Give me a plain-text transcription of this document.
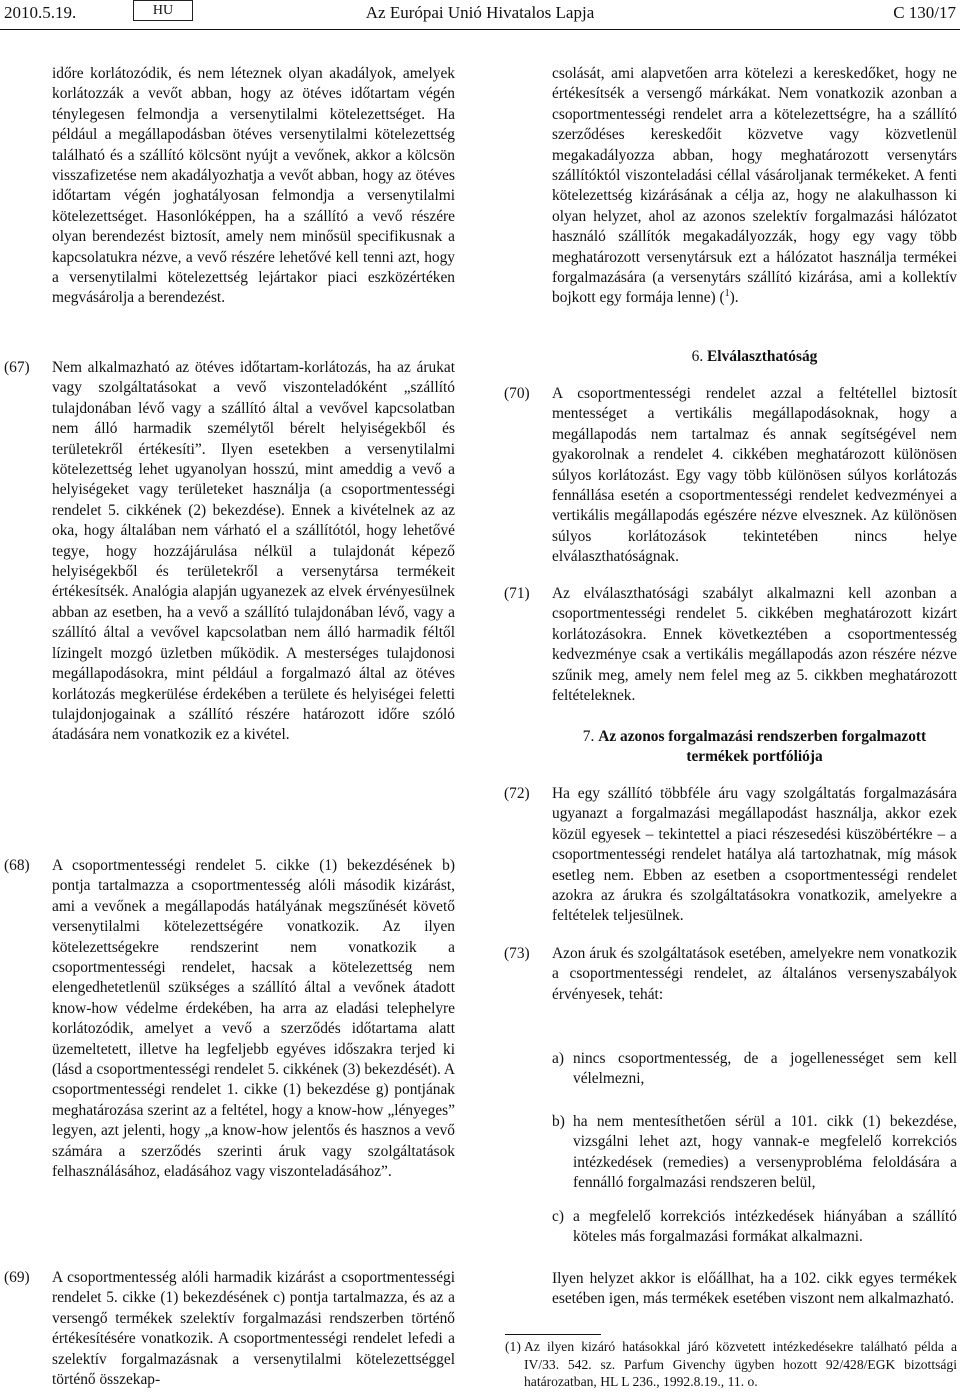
2010.5.19.	HU	Az Európai Unió Hivatalos Lapja	C 130/17

időre korlátozódik, és nem léteznek olyan akadályok, amelyek korlátozzák a vevőt abban, hogy az ötéves időtartam végén ténylegesen felmondja a versenytilalmi kötelezettséget. Ha például a megállapodásban ötéves versenytilalmi kötelezettség található és a szállító kölcsönt nyújt a vevőnek, akkor a kölcsön visszafizetése nem akadályozhatja a vevőt abban, hogy az ötéves időtartam végén joghatályosan felmondja a versenytilalmi kötelezettséget. Hasonlóképpen, ha a szállító a vevő részére olyan berendezést biztosít, amely nem minősül specifikusnak a kapcsolatukra nézve, a vevő részére lehetővé kell tenni azt, hogy a versenytilalmi kötelezettség lejártakor piaci eszközértéken megvásárolja a berendezést.

(67) Nem alkalmazható az ötéves időtartam-korlátozás, ha az árukat vagy szolgáltatásokat a vevő viszonteladóként „szállító tulajdonában lévő vagy a szállító által a vevővel kapcsolatban nem álló harmadik személytől bérelt helyiségekből és területekről értékesíti”. Ilyen esetekben a versenytilalmi kötelezettség lehet ugyanolyan hosszú, mint ameddig a vevő a helyiségeket vagy területeket használja (a csoportmentességi rendelet 5. cikkének (2) bekezdése). Ennek a kivételnek az az oka, hogy általában nem várható el a szállítótól, hogy lehetővé tegye, hogy hozzájárulása nélkül a tulajdonát képező helyiségekből és területekről a versenytársa termékeit értékesítsék. Analógia alapján ugyanezek az elvek érvényesülnek abban az esetben, ha a vevő a szállító tulajdonában lévő, vagy a szállító által a vevővel kapcsolatban nem álló harmadik féltől lízingelt mozgó üzletben működik. A mesterséges tulajdonosi megállapodásokra, mint például a forgalmazó által az ötéves korlátozás megkerülése érdekében a területe és helyiségei feletti tulajdonjogainak a szállító részére határozott időre szóló átadására nem vonatkozik ez a kivétel.

(68) A csoportmentességi rendelet 5. cikke (1) bekezdésének b) pontja tartalmazza a csoportmentesség alóli második kizárást, ami a vevőnek a megállapodás hatályának megszűnését követő versenytilalmi kötelezettségére vonatkozik. Az ilyen kötelezettségekre rendszerint nem vonatkozik a csoportmentességi rendelet, hacsak a kötelezettség nem elengedhetetlenül szükséges a szállító által a vevőnek átadott know-how védelme érdekében, ha arra az eladási telephelyre korlátozódik, amelyet a vevő a szerződés időtartama alatt üzemeltetett, illetve ha legfeljebb egyéves időszakra terjed ki (lásd a csoportmentességi rendelet 5. cikkének (3) bekezdését). A csoportmentességi rendelet 1. cikke (1) bekezdése g) pontjának meghatározása szerint az a feltétel, hogy a know-how „lényeges” legyen, azt jelenti, hogy „a know-how jelentős és hasznos a vevő számára a szerződés szerinti áruk vagy szolgáltatások felhasználásához, eladásához vagy viszonteladásához”.

(69) A csoportmentesség alóli harmadik kizárást a csoportmentességi rendelet 5. cikke (1) bekezdésének c) pontja tartalmazza, és az a versengő termékek szelektív forgalmazási rendszerben történő értékesítésére vonatkozik. A csoportmentességi rendelet lefedi a szelektív forgalmazásnak a versenytilalmi kötelezettséggel történő összekap-

csolását, ami alapvetően arra kötelezi a kereskedőket, hogy ne értékesítsék a versengő márkákat. Nem vonatkozik azonban a csoportmentességi rendelet arra a kötelezettségre, ha a szállító szerződéses kereskedőit közvetve vagy közvetlenül megakadályozza abban, hogy meghatározott versenytárs szállítóktól viszonteladási céllal vásároljanak termékeket. A fenti kötelezettség kizárásának a célja az, hogy ne alakulhasson ki olyan helyzet, ahol az azonos szelektív forgalmazási hálózatot használó szállítók megakadályozzák, hogy egy vagy több meghatározott versenytársuk ezt a hálózatot használja termékei forgalmazására (a versenytárs szállító kizárása, ami a kollektív bojkott egy formája lenne) ($^1$).

6. Elválaszthatóság
(70) A csoportmentességi rendelet azzal a feltétellel biztosít mentességet a vertikális megállapodásoknak, hogy a megállapodás nem tartalmaz és annak segítségével nem gyakorolnak a rendelet 4. cikkében meghatározott különösen súlyos korlátozást. Egy vagy több különösen súlyos korlátozás fennállása esetén a csoportmentességi rendelet kedvezményei a vertikális megállapodás egészére nézve elvesznek. Az különösen súlyos korlátozások tekintetében nincs helye elválaszthatóságnak.

(71) Az elválaszthatósági szabályt alkalmazni kell azonban a csoportmentességi rendelet 5. cikkében meghatározott kizárt korlátozásokra. Ennek következtében a csoportmentesség kedvezménye csak a vertikális megállapodás azon részére nézve szűnik meg, amely nem felel meg az 5. cikkben meghatározott feltételeknek.

7. Az azonos forgalmazási rendszerben forgalmazott
termékek portfóliója
(72) Ha egy szállító többféle áru vagy szolgáltatás forgalmazására ugyanazt a forgalmazási megállapodást használja, akkor ezek közül egyesek – tekintettel a piaci részesedési küszöbértékre – a csoportmentességi rendelet hatálya alá tartozhatnak, míg mások esetleg nem. Ebben az esetben a csoportmentességi rendelet azokra az árukra és szolgáltatásokra vonatkozik, amelyekre a feltételek teljesülnek.

(73) Azon áruk és szolgáltatások esetében, amelyekre nem vonatkozik a csoportmentességi rendelet, az általános versenyszabályok érvényesek, tehát:

a) nincs csoportmentesség, de a jogellenességet sem kell vélelmezni,

b) ha nem mentesíthetően sérül a 101. cikk (1) bekezdése, vizsgálni lehet azt, hogy vannak-e megfelelő korrekciós intézkedések (remedies) a versenyprobléma feloldására a fennálló forgalmazási rendszeren belül,

c) a megfelelő korrekciós intézkedések hiányában a szállító köteles más forgalmazási formákat alkalmazni.

Ilyen helyzet akkor is előállhat, ha a 102. cikk egyes termékek esetében igen, más termékek esetében viszont nem alkalmazható.

(1) Az ilyen kizáró hatásokkal járó közvetett intézkedésekre található példa a IV/33. 542. sz. Parfum Givenchy ügyben hozott 92/428/EGK bizottsági határozatban, HL L 236., 1992.8.19., 11. o.
